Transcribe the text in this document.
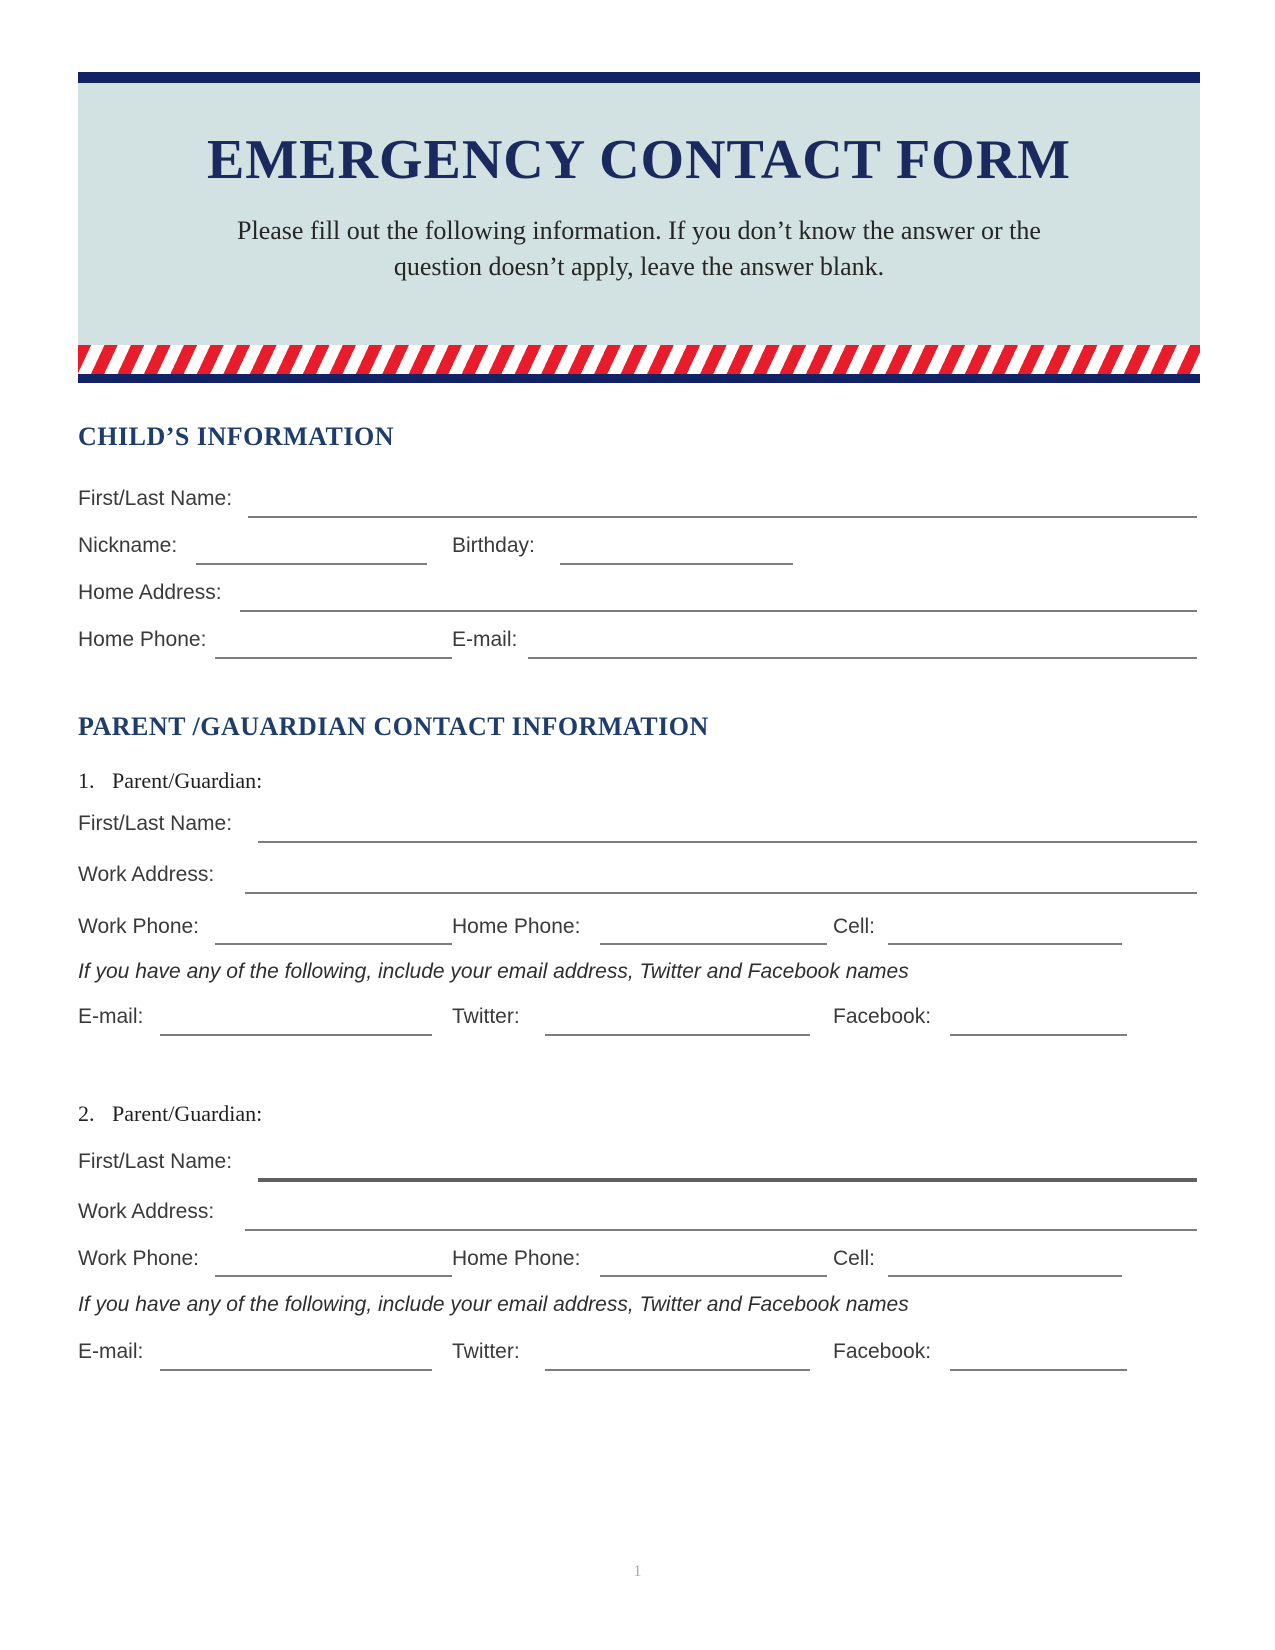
EMERGENCY CONTACT FORM
Please fill out the following information. If you don’t know the answer or the
question doesn’t apply, leave the answer blank.
CHILD’S INFORMATION
First/Last Name:
Nickname:	Birthday:
Home Address:
Home Phone:	E-mail:
PARENT /GAUARDIAN CONTACT INFORMATION
1. Parent/Guardian:
First/Last Name:
Work Address:
Work Phone:	Home Phone:	Cell:
If you have any of the following, include your email address, Twitter and Facebook names
E-mail:	Twitter:	Facebook:
2. Parent/Guardian:
First/Last Name:
Work Address:
Work Phone:	Home Phone:	Cell:
If you have any of the following, include your email address, Twitter and Facebook names
E-mail:	Twitter:	Facebook:
1
